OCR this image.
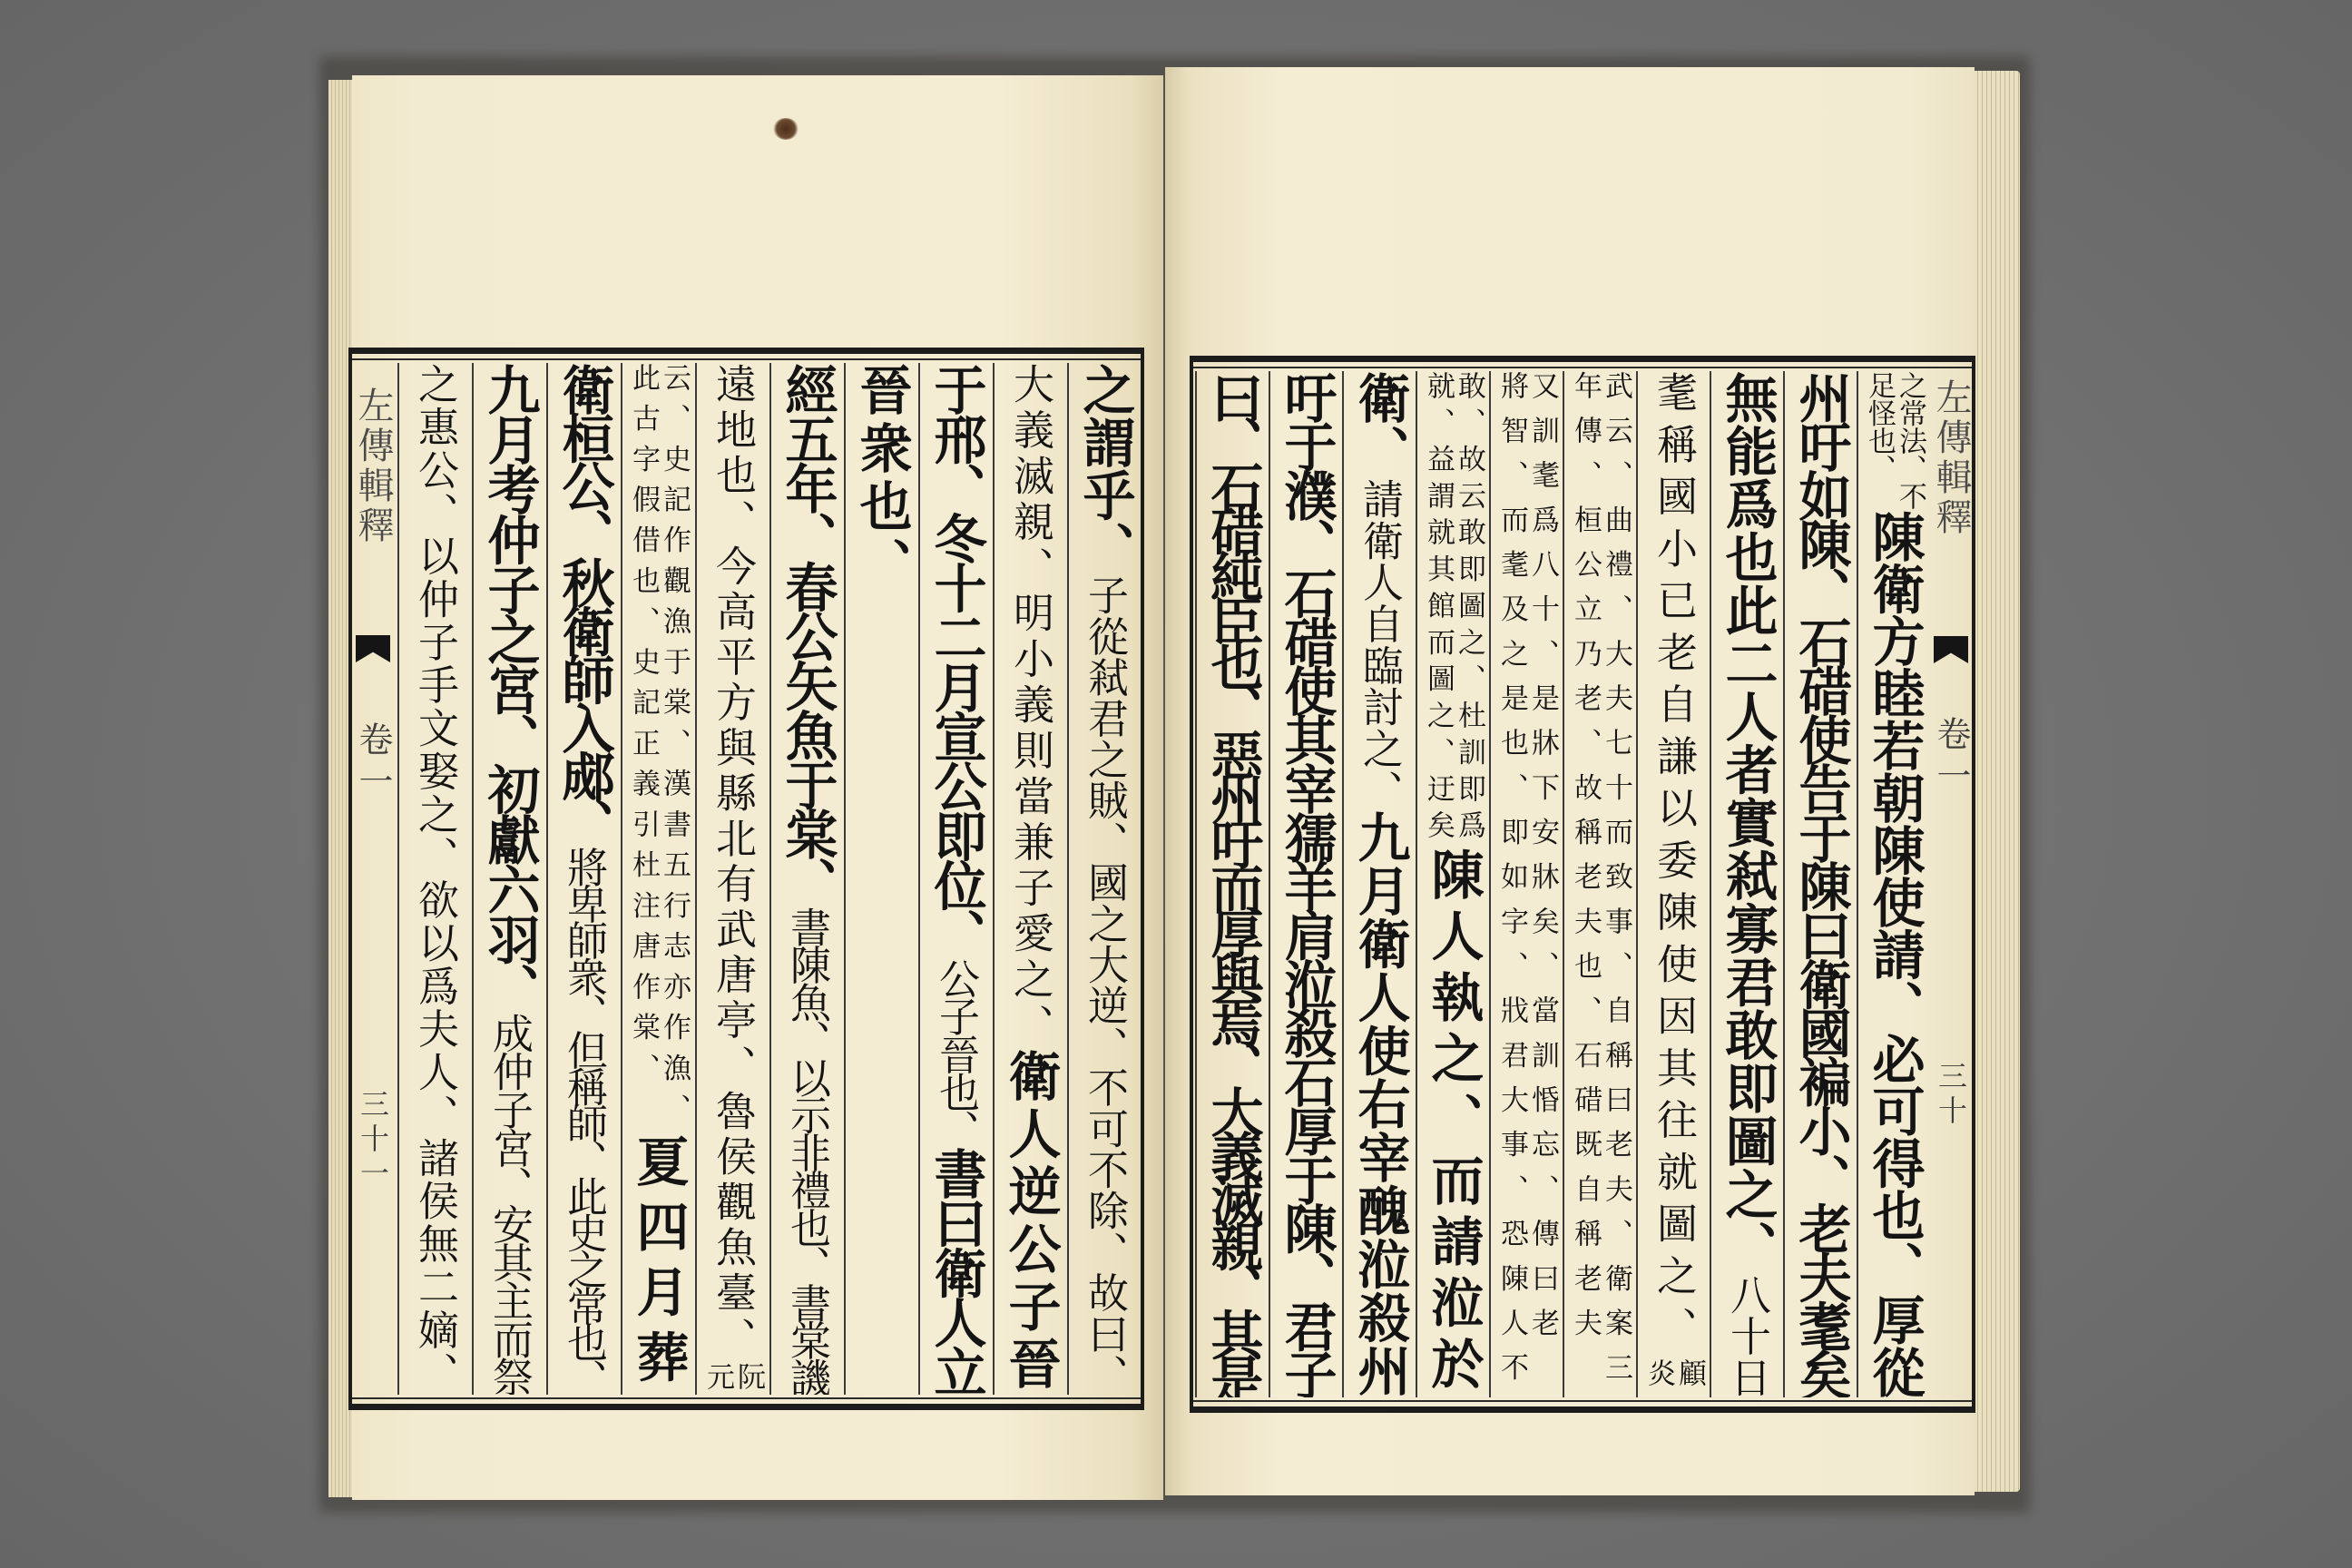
左傳輯釋
卷一
三十一
之謂乎、
子從弒君之賊、國之大逆、不可不除、故曰、
大義滅親、明小義則當兼子愛之、
衛人逆公子晉
于邢、冬十二月宣公即位、
公子晉也、
書曰衛人立
晉衆也、
經五年、春公矢魚于棠、
書陳魚、以示非禮也、書棠譏
遠地也、今高平方與縣北有武唐亭、魯侯觀魚臺、
阮
元
云、史記作觀漁于棠、漢書五行志亦作漁、
此古字假借也、史記正義引杜注唐作棠、
夏四月葬
衛桓公、秋衛師入郕、
將卑師衆、但稱師、此史之常也、
九月考仲子之宮、初獻六羽、
成仲子宮、安其主而祭
之惠公、以仲子手文娶之、欲以爲夫人、諸侯無二嫡、	左傳輯釋
卷一
三十
之常法、不
足怪也、
陳衛方睦若朝陳使請、必可得也、厚從
州吁如陳、石碏使告于陳曰衛國褊小、老夫耄矣
無能爲也此二人者實弒寡君敢即圖之、
八十日
耄稱國小已老自謙以委陳使因其往就圖之、
顧
炎
武云、曲禮、大夫七十而致事、自稱曰老夫、衛案三
年傳、桓公立乃老、故稱老夫也、石碏既自稱老夫
又訓耄爲八十、是牀下安牀矣、當訓惛忘、傳曰老
將智、而耄及之是也、即如字、戕君大事、恐陳人不
敢、故云敢即圖之、杜訓即爲
就、益謂就其館而圖之、迂矣
陳人執之、而請涖於
衛、
請衛人自臨討之、
九月衛人使右宰醜涖殺州
吁于濮、石碏使其宰獳羊肩涖殺石厚于陳、君子
曰、石碏純臣也、惡州吁而厚與焉、大義滅親、其是
